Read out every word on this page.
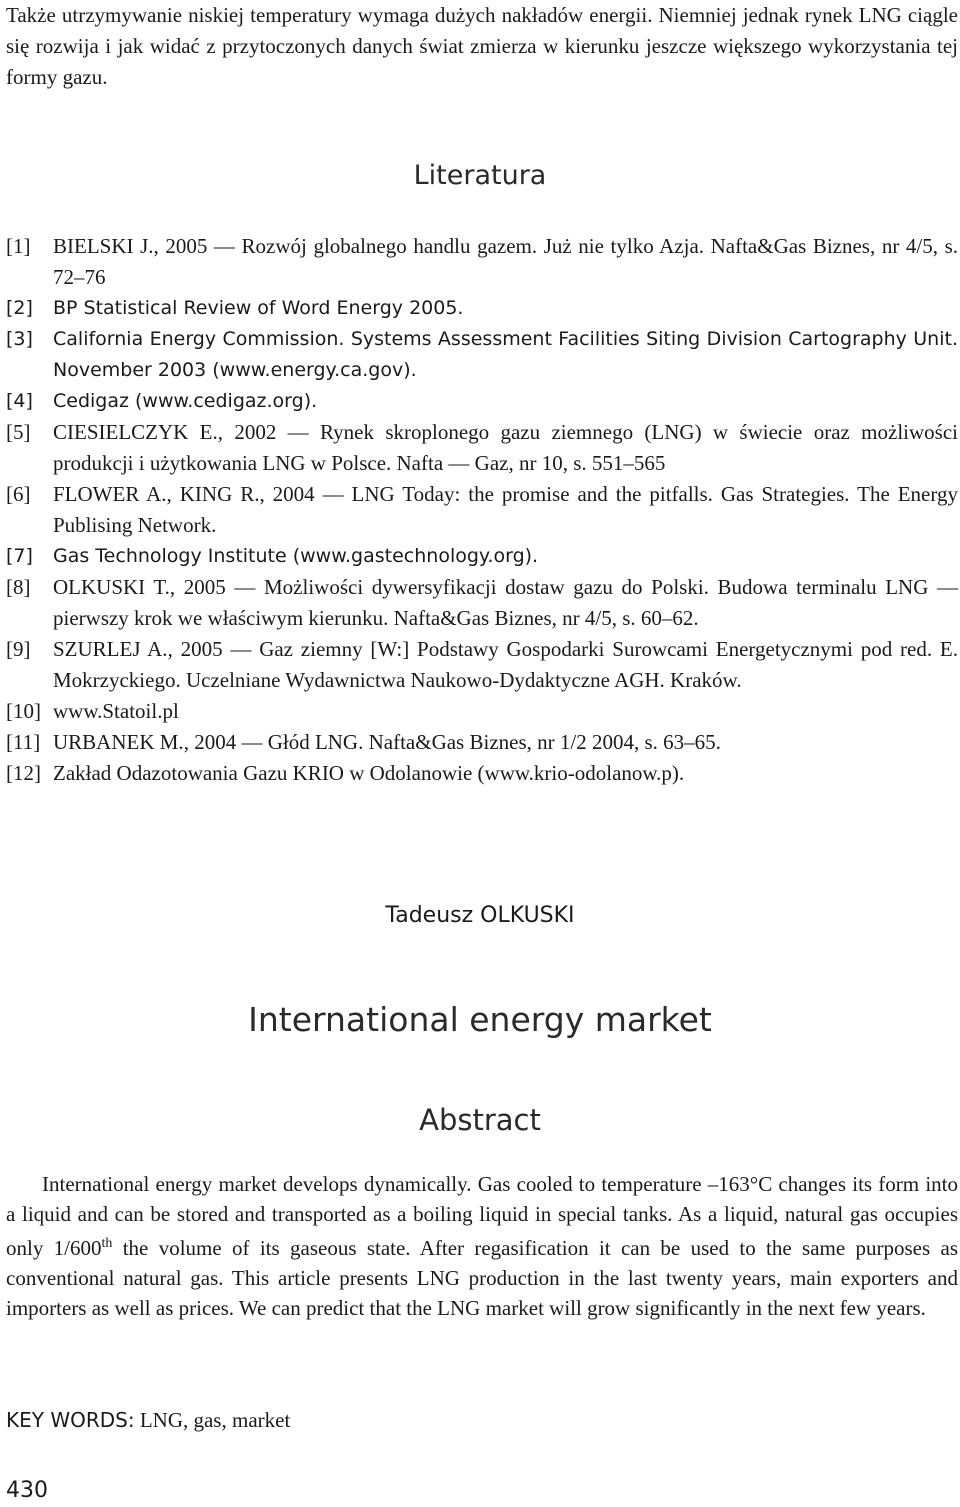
Także utrzymywanie niskiej temperatury wymaga dużych nakładów energii. Niemniej jednak rynek LNG ciągle się rozwija i jak widać z przytoczonych danych świat zmierza w kierunku jeszcze większego wykorzystania tej formy gazu.

Literatura
[1]	BIELSKI J., 2005 — Rozwój globalnego handlu gazem. Już nie tylko Azja. Nafta&Gas Biznes, nr 4/5, s. 72–76
[2]	BP Statistical Review of Word Energy 2005.
[3]	California Energy Commission. Systems Assessment Facilities Siting Division Cartography Unit. November 2003 (www.energy.ca.gov).
[4]	Cedigaz (www.cedigaz.org).
[5]	CIESIELCZYK E., 2002 — Rynek skroplonego gazu ziemnego (LNG) w świecie oraz możliwości produkcji i użytkowania LNG w Polsce. Nafta — Gaz, nr 10, s. 551–565
[6]	FLOWER A., KING R., 2004 — LNG Today: the promise and the pitfalls. Gas Strategies. The Energy Publising Network.
[7]	Gas Technology Institute (www.gastechnology.org).
[8]	OLKUSKI T., 2005 — Możliwości dywersyfikacji dostaw gazu do Polski. Budowa terminalu LNG — pierwszy krok we właściwym kierunku. Nafta&Gas Biznes, nr 4/5, s. 60–62.
[9]	SZURLEJ A., 2005 — Gaz ziemny [W:] Podstawy Gospodarki Surowcami Energetycznymi pod red. E. Mokrzyckiego. Uczelniane Wydawnictwa Naukowo-Dydaktyczne AGH. Kraków.
[10] www.Statoil.pl
[11] URBANEK M., 2004 — Głód LNG. Nafta&Gas Biznes, nr 1/2 2004, s. 63–65.
[12] Zakład Odazotowania Gazu KRIO w Odolanowie (www.krio-odolanow.p).
Tadeusz OLKUSKI
International energy market
Abstract

International energy market develops dynamically. Gas cooled to temperature –163°C changes its form into a liquid and can be stored and transported as a boiling liquid in special tanks. As a liquid, natural gas occupies only 1/600th the volume of its gaseous state. After regasification it can be used to the same purposes as conventional natural gas. This article presents LNG production in the last twenty years, main exporters and importers as well as prices. We can predict that the LNG market will grow significantly in the next few years.

KEY WORDS: LNG, gas, market
430
